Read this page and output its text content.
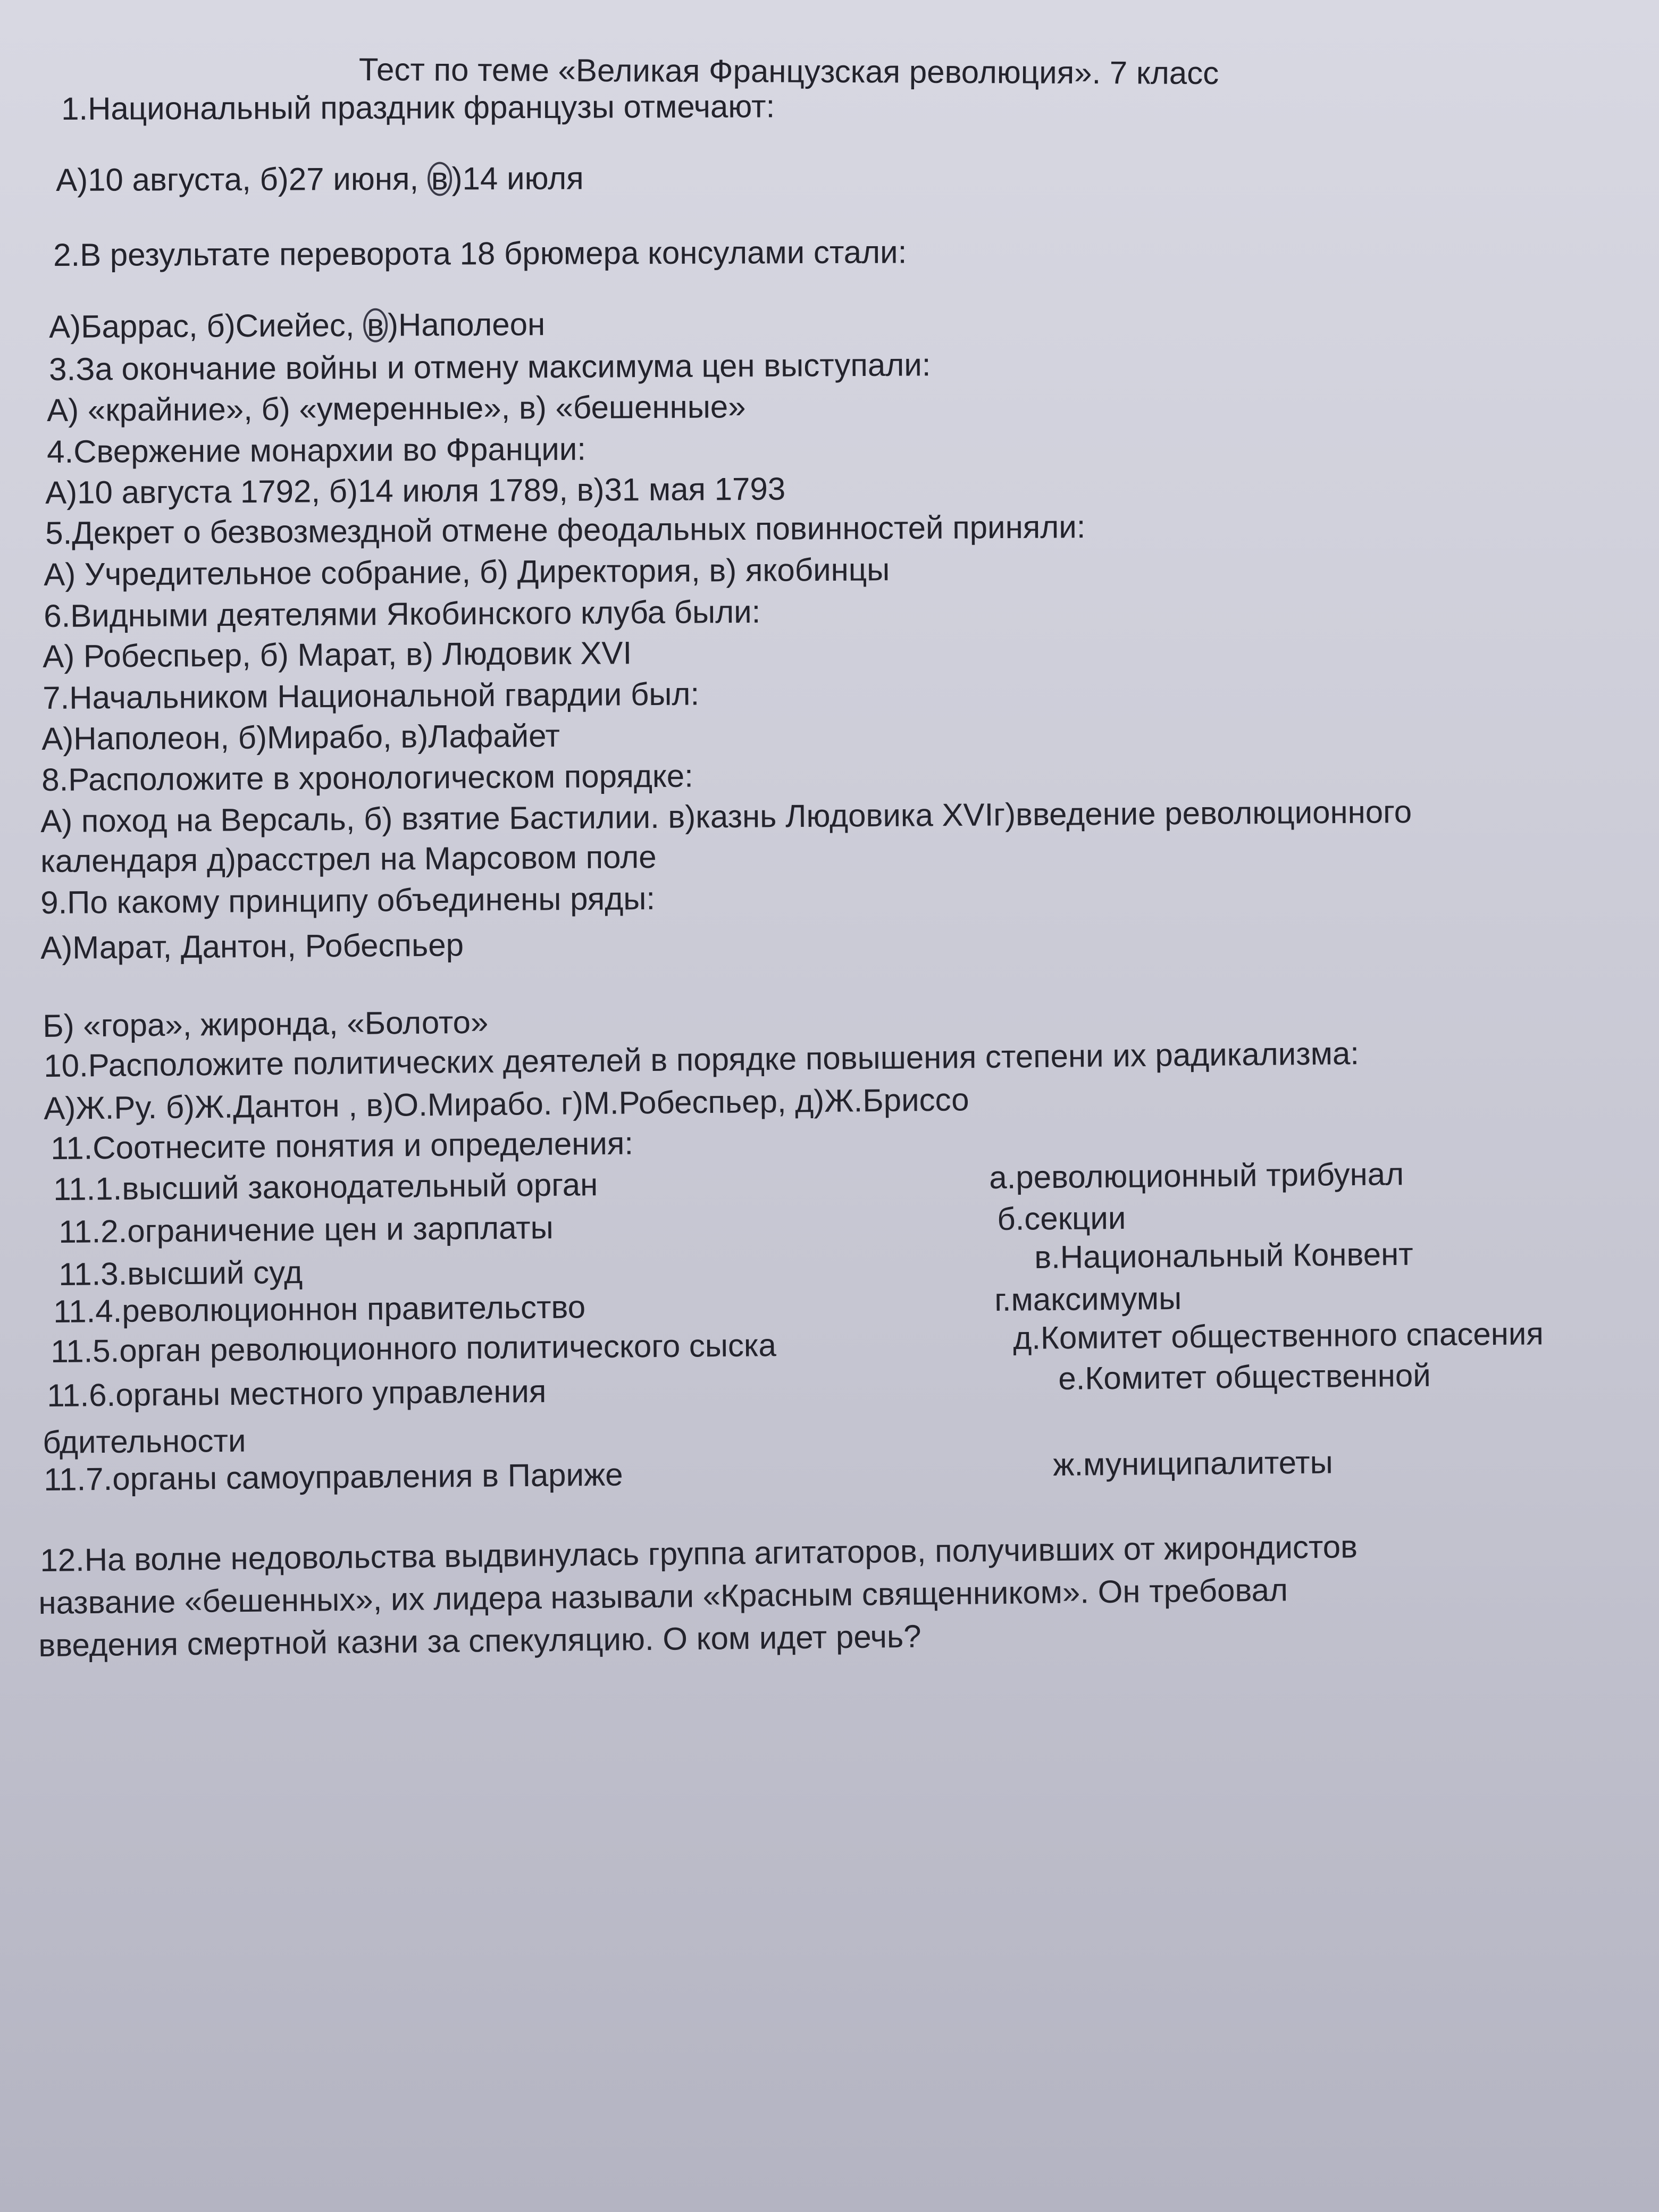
Тест по теме «Великая Французская революция». 7 класс

1.Национальный праздник французы отмечают:

А)10 августа, б)27 июня, в )14 июля

2.В результате переворота 18 брюмера консулами стали:

А)Баррас, б)Сиейес, в )Наполеон

3.За окончание войны и отмену максимума цен выступали:

А) «крайние», б) «умеренные», в) «бешенные»

4.Свержение монархии во Франции:

А)10 августа 1792, б)14 июля 1789, в)31 мая 1793

5.Декрет о безвозмездной отмене феодальных повинностей приняли:

А) Учредительное собрание, б) Директория, в) якобинцы

6.Видными деятелями Якобинского клуба были:

А) Робеспьер, б) Марат, в) Людовик XVI

7.Начальником Национальной гвардии был:

А)Наполеон, б)Мирабо, в)Лафайет

8.Расположите в хронологическом порядке:

А) поход на Версаль, б) взятие Бастилии. в)казнь Людовика XVIг)введение революционного

календаря д)расстрел на Марсовом поле

9.По какому принципу объединены ряды:

А)Марат, Дантон, Робеспьер

Б) «гора», жиронда, «Болото»

10.Расположите политических деятелей в порядке повышения степени их радикализма:

А)Ж.Ру. б)Ж.Дантон , в)О.Мирабо. г)М.Робеспьер, д)Ж.Бриссо

11.Соотнесите понятия и определения:

11.1.высший законодательный орган

11.2.ограничение цен и зарплаты

11.3.высший суд

11.4.революционнон правительство

11.5.орган революционного политического сыска

11.6.органы местного управления

11.7.органы самоуправления в Париже

а.революционный трибунал

б.секции

в.Национальный Конвент

г.максимумы

д.Комитет общественного спасения

е.Комитет общественной

бдительности

ж.муниципалитеты

12.На волне недовольства выдвинулась группа агитаторов, получивших от жирондистов

название «бешенных», их лидера называли «Красным священником». Он требовал

введения смертной казни за спекуляцию. О ком идет речь?
